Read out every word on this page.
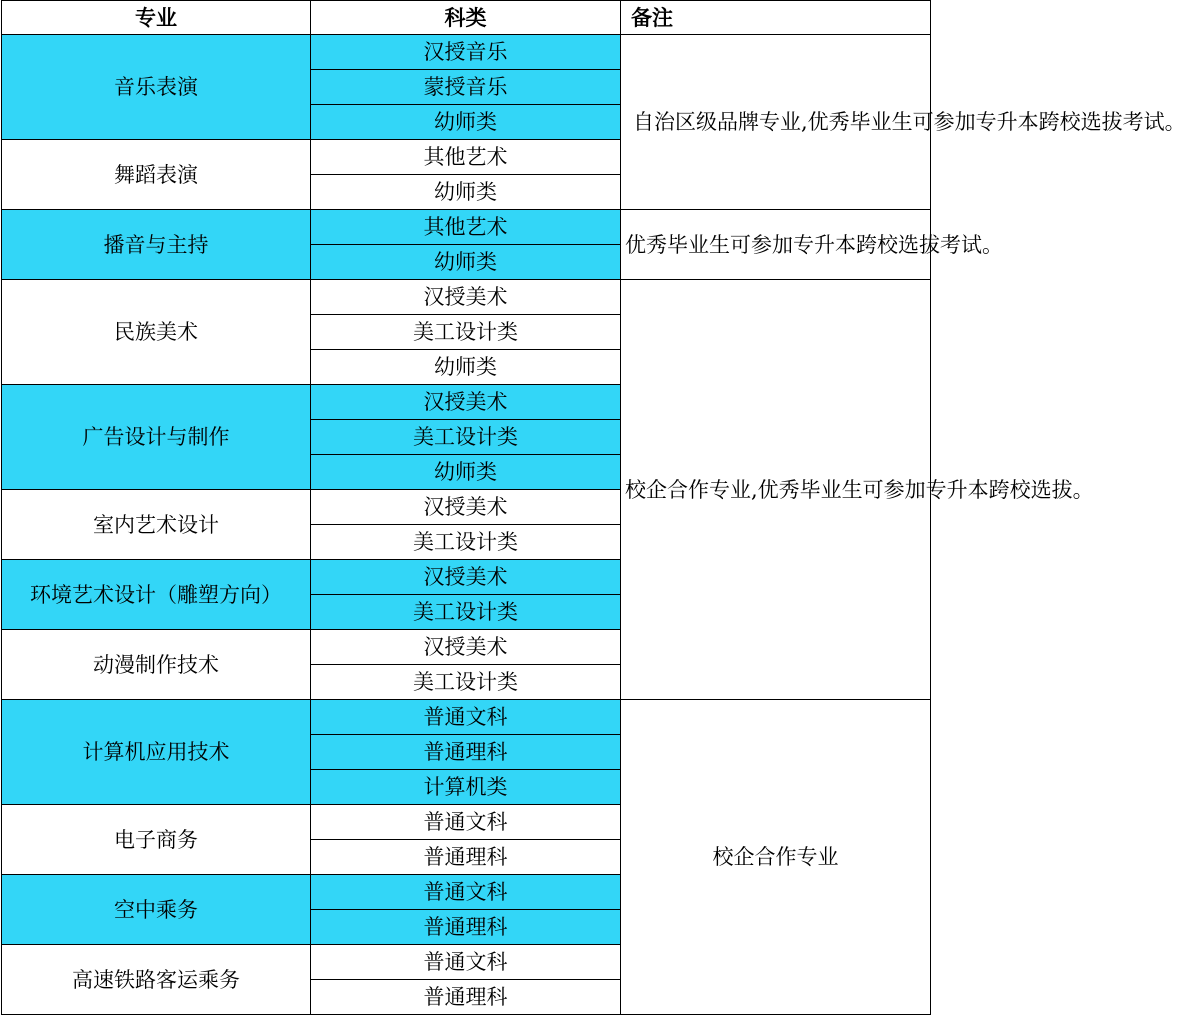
专业	科类	备注
音乐表演	汉授音乐	自治区级品牌专业,优秀毕业生可参加专升本跨校选拔考试。
	蒙授音乐	
	幼师类	
舞蹈表演	其他艺术	
	幼师类	
播音与主持	其他艺术	优秀毕业生可参加专升本跨校选拔考试。
	幼师类	
民族美术	汉授美术	校企合作专业,优秀毕业生可参加专升本跨校选拔。
	美工设计类	
	幼师类	
广告设计与制作	汉授美术	
	美工设计类	
	幼师类	
室内艺术设计	汉授美术	
	美工设计类	
环境艺术设计（雕塑方向）	汉授美术	
	美工设计类	
动漫制作技术	汉授美术	
	美工设计类	
计算机应用技术	普通文科	校企合作专业
	普通理科	
	计算机类	
电子商务	普通文科	
	普通理科	
空中乘务	普通文科	
	普通理科	
高速铁路客运乘务	普通文科	
	普通理科	
